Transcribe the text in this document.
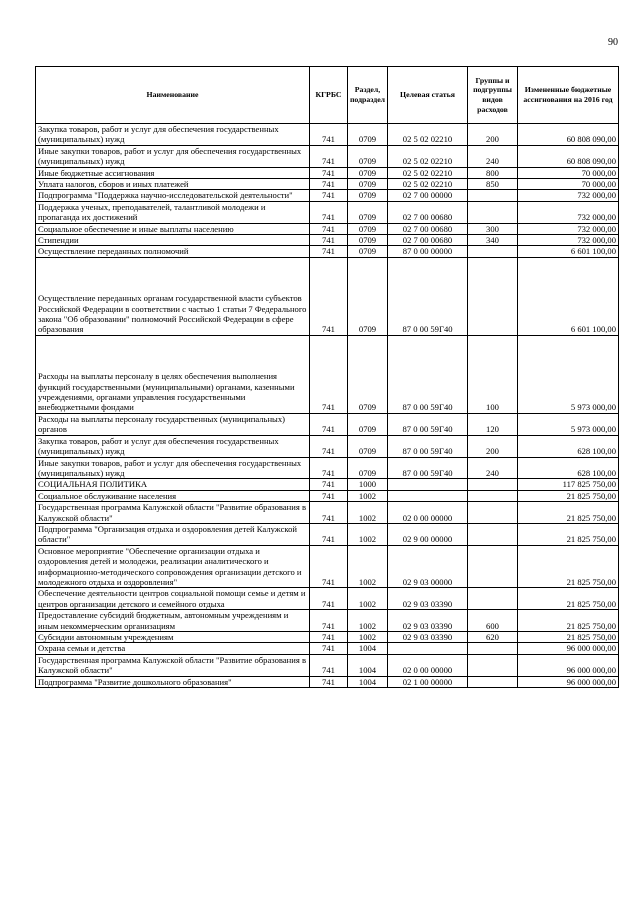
90
Наименование	КГРБС	Раздел, подраздел	Целевая статья	Группы и подгруппы видов расходов	Измененные бюджетные ассигнования на 2016 год
Закупка товаров, работ и услуг для обеспечения государственных (муниципальных) нужд	741	0709	02 5 02 02210	200	60 808 090,00
Иные закупки товаров, работ и услуг для обеспечения государственных (муниципальных) нужд	741	0709	02 5 02 02210	240	60 808 090,00
Иные бюджетные ассигнования	741	0709	02 5 02 02210	800	70 000,00
Уплата налогов, сборов и иных платежей	741	0709	02 5 02 02210	850	70 000,00
Подпрограмма "Поддержка научно-исследовательской деятельности"	741	0709	02 7 00 00000		732 000,00
Поддержка ученых, преподавателей, талантливой молодежи и пропаганда их достижений	741	0709	02 7 00 00680		732 000,00
Социальное обеспечение и иные выплаты населению	741	0709	02 7 00 00680	300	732 000,00
Стипендии	741	0709	02 7 00 00680	340	732 000,00
Осуществление переданных полномочий	741	0709	87 0 00 00000		6 601 100,00
Осуществление переданных органам государственной власти субъектов Российской Федерации в соответствии с частью 1 статьи 7 Федерального закона "Об образовании" полномочий Российской Федерации в сфере образования	741	0709	87 0 00 59Г40		6 601 100,00
Расходы на выплаты персоналу в целях обеспечения выполнения функций государственными (муниципальными) органами, казенными учреждениями, органами управления государственными внебюджетными фондами	741	0709	87 0 00 59Г40	100	5 973 000,00
Расходы на выплаты персоналу государственных (муниципальных) органов	741	0709	87 0 00 59Г40	120	5 973 000,00
Закупка товаров, работ и услуг для обеспечения государственных (муниципальных) нужд	741	0709	87 0 00 59Г40	200	628 100,00
Иные закупки товаров, работ и услуг для обеспечения государственных (муниципальных) нужд	741	0709	87 0 00 59Г40	240	628 100,00
СОЦИАЛЬНАЯ ПОЛИТИКА	741	1000			117 825 750,00
Социальное обслуживание населения	741	1002			21 825 750,00
Государственная программа Калужской области "Развитие образования в Калужской области"	741	1002	02 0 00 00000		21 825 750,00
Подпрограмма "Организация отдыха и оздоровления детей Калужской области"	741	1002	02 9 00 00000		21 825 750,00
Основное мероприятие "Обеспечение организации отдыха и оздоровления детей и молодежи, реализации аналитического и информационно-методического сопровождения организации детского и молодежного отдыха и оздоровления"	741	1002	02 9 03 00000		21 825 750,00
Обеспечение деятельности центров социальной помощи семье и детям и центров организации детского и семейного отдыха	741	1002	02 9 03 03390		21 825 750,00
Предоставление субсидий бюджетным, автономным учреждениям и иным некоммерческим организациям	741	1002	02 9 03 03390	600	21 825 750,00
Субсидии автономным учреждениям	741	1002	02 9 03 03390	620	21 825 750,00
Охрана семьи и детства	741	1004			96 000 000,00
Государственная программа Калужской области "Развитие образования в Калужской области"	741	1004	02 0 00 00000		96 000 000,00
Подпрограмма "Развитие дошкольного образования"	741	1004	02 1 00 00000		96 000 000,00
